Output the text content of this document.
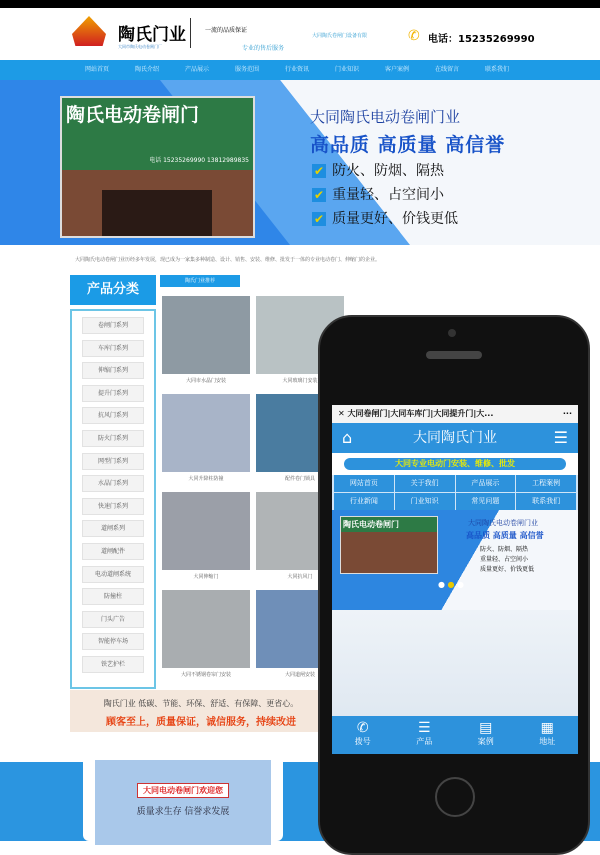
陶氏门业
大同市陶氏电动卷闸门厂
一流的品质保证
专业的售后服务
大同陶氏卷闸门设备有限	✆ 电话：15235269990
网站首页	陶氏介绍	产品展示	服务范围	行业资讯	门业知识	客户案例	在线留言	联系我们
陶氏电动卷闸门
电话 15235269990 13812989835
大同陶氏电动卷闸门业
高品质 高质量 高信誉
✔ 防火、防烟、隔热
✔ 重量轻、占空间小
✔ 质量更好、价钱更低
大同陶氏电动卷闸门业历经多年发展，现已成为一家集多种制造、设计、销售、安装、维修、批发于一体的专业电动卷门、伸缩门的企业。
产品分类
卷闸门系列
车库门系列
伸缩门系列
提升门系列
抗风门系列
防火门系列
网型门系列
水晶门系列
快速门系列
道闸系列
道闸配件
电动道闸系统
防撞柱
门头广告
智能停车场
铁艺护栏
陶氏门业推荐
大同市水晶门安装	大同玻璃门安装
大同升降柱防撞	配件卷门锁具
大同伸缩门	大同抗风门
大同不锈钢卷帘门安装	大同道闸安装
陶氏门业 低碳、节能、环保、舒适、有保障、更省心。
顾客至上，质量保证，诚信服务，持续改进
大同电动卷闸门欢迎您
质量求生存 信誉求发展
✕ 大同卷闸门|大同车库门|大同提升门|大...	···
⌂	大同陶氏门业	☰
大同专业电动门安装、维修、批发
网站首页	关于我们	产品展示	工程案例
行业新闻	门业知识	常见问题	联系我们
陶氏电动卷闸门	大同陶氏电动卷闸门业
高品质 高质量 高信誉
防火、防烟、隔热
重量轻、占空间小
质量更好、价钱更低
● ● ●
✆
拨号
☰
产品
▤
案例
▦
地址
